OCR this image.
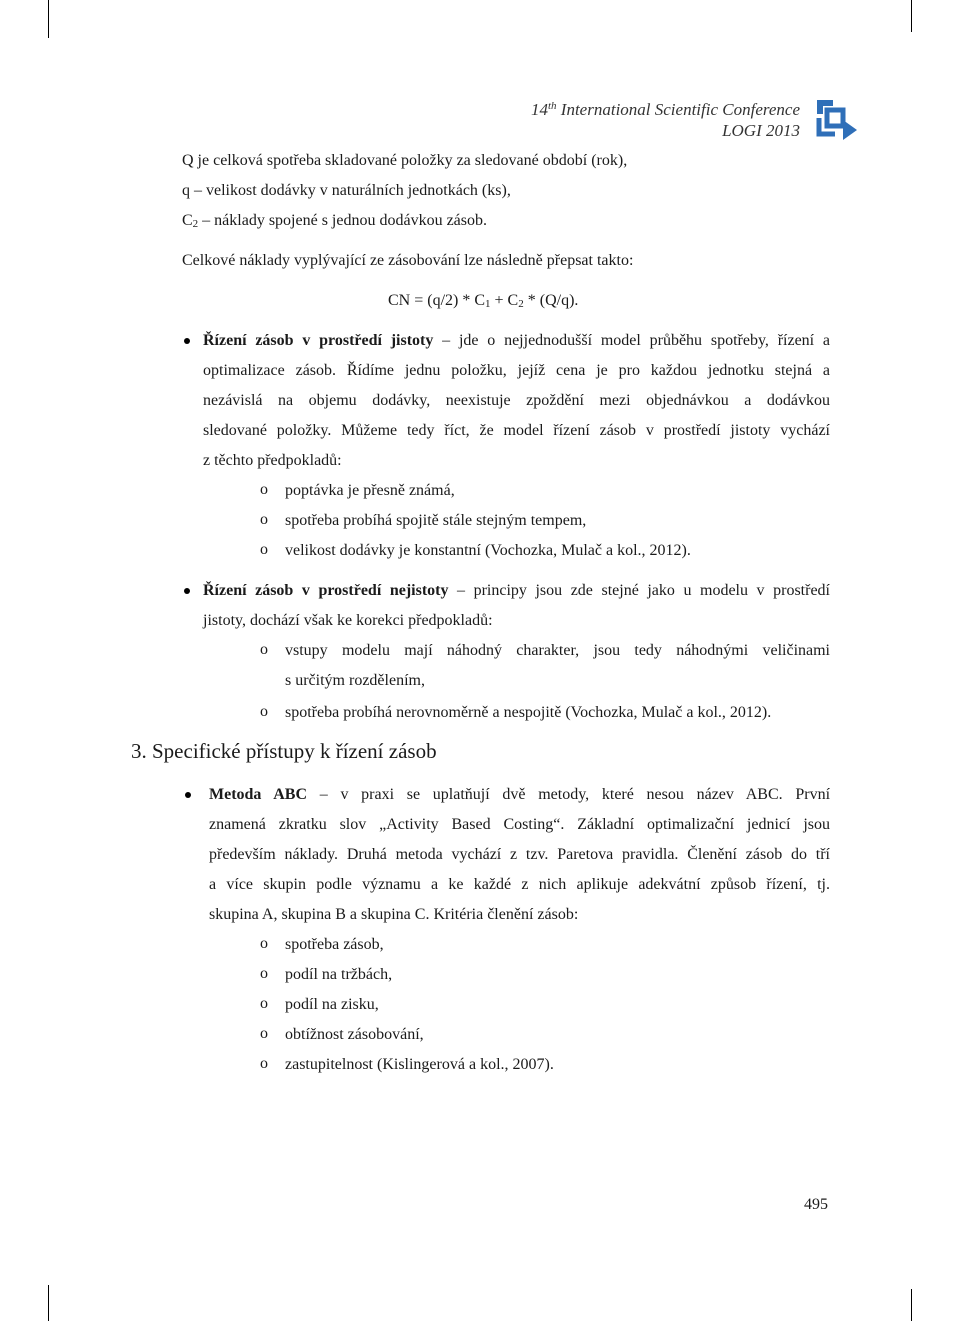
14th International Scientific Conference
LOGI 2013
Q je celková spotřeba skladované položky za sledované období (rok),
q – velikost dodávky v naturálních jednotkách (ks),
$C_2$ – náklady spojené s jednou dodávkou zásob.
Celkové náklady vyplývající ze zásobování lze následně přepsat takto:
CN = $(q/2) * C_1 + C_2 * (Q/q)$.
Řízení zásob v prostředí jistoty – jde o nejjednodušší model průběhu spotřeby, řízení a
optimalizace zásob. Řídíme jednu položku, jejíž cena je pro každou jednotku stejná a
nezávislá na objemu dodávky, neexistuje zpoždění mezi objednávkou a dodávkou
sledované položky. Můžeme tedy říct, že model řízení zásob v prostředí jistoty vychází
z těchto předpokladů:
o poptávka je přesně známá,
o spotřeba probíhá spojitě stále stejným tempem,
o velikost dodávky je konstantní (Vochozka, Mulač a kol., 2012).
Řízení zásob v prostředí nejistoty – principy jsou zde stejné jako u modelu v prostředí
jistoty, dochází však ke korekci předpokladů:
o vstupy modelu mají náhodný charakter, jsou tedy náhodnými veličinami
s určitým rozdělením,
o spotřeba probíhá nerovnoměrně a nespojitě (Vochozka, Mulač a kol., 2012).
3. Specifické přístupy k řízení zásob
Metoda ABC – v praxi se uplatňují dvě metody, které nesou název ABC. První
znamená zkratku slov „Activity Based Costing“. Základní optimalizační jednicí jsou
především náklady. Druhá metoda vychází z tzv. Paretova pravidla. Členění zásob do tří
a více skupin podle významu a ke každé z nich aplikuje adekvátní způsob řízení, tj.
skupina A, skupina B a skupina C. Kritéria členění zásob:
o spotřeba zásob,
o podíl na tržbách,
o podíl na zisku,
o obtížnost zásobování,
o zastupitelnost (Kislingerová a kol., 2007).
495
